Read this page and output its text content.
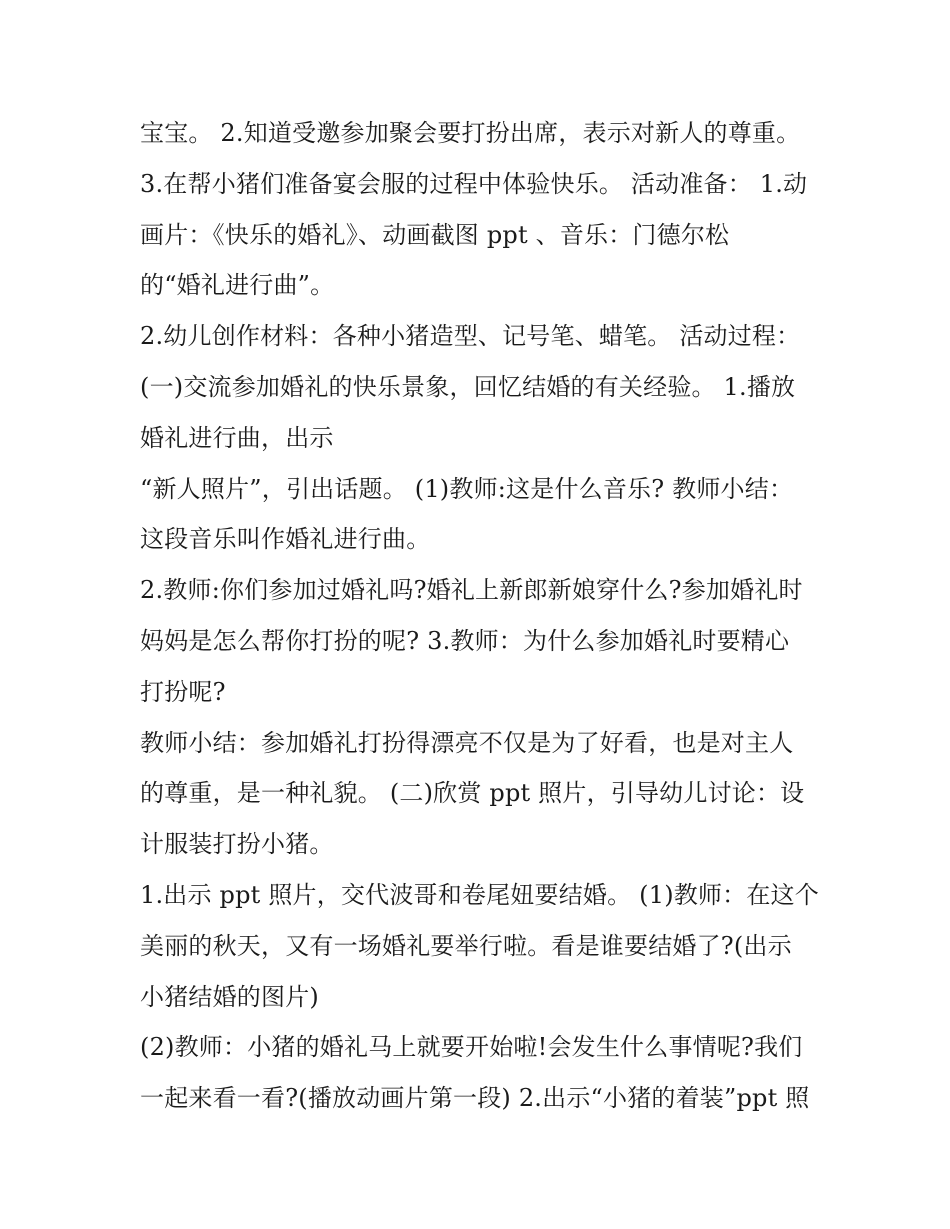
宝宝。 2.知道受邀参加聚会要打扮出席，表示对新人的尊重。
3.在帮小猪们准备宴会服的过程中体验快乐。 活动准备： 1.动
画片：《快乐的婚礼》、动画截图 ppt 、音乐：门德尔松
的“婚礼进行曲”。
2.幼儿创作材料：各种小猪造型、记号笔、蜡笔。 活动过程：
(一)交流参加婚礼的快乐景象，回忆结婚的有关经验。 1.播放
婚礼进行曲，出示
“新人照片”，引出话题。 (1)教师:这是什么音乐? 教师小结：
这段音乐叫作婚礼进行曲。
2.教师:你们参加过婚礼吗?婚礼上新郎新娘穿什么?参加婚礼时
妈妈是怎么帮你打扮的呢? 3.教师：为什么参加婚礼时要精心
打扮呢?
教师小结：参加婚礼打扮得漂亮不仅是为了好看，也是对主人
的尊重，是一种礼貌。 (二)欣赏 ppt 照片，引导幼儿讨论：设
计服装打扮小猪。
1.出示 ppt 照片，交代波哥和卷尾妞要结婚。 (1)教师：在这个
美丽的秋天，又有一场婚礼要举行啦。看是谁要结婚了?(出示
小猪结婚的图片)
(2)教师：小猪的婚礼马上就要开始啦!会发生什么事情呢?我们
一起来看一看?(播放动画片第一段) 2.出示“小猪的着装”ppt 照
